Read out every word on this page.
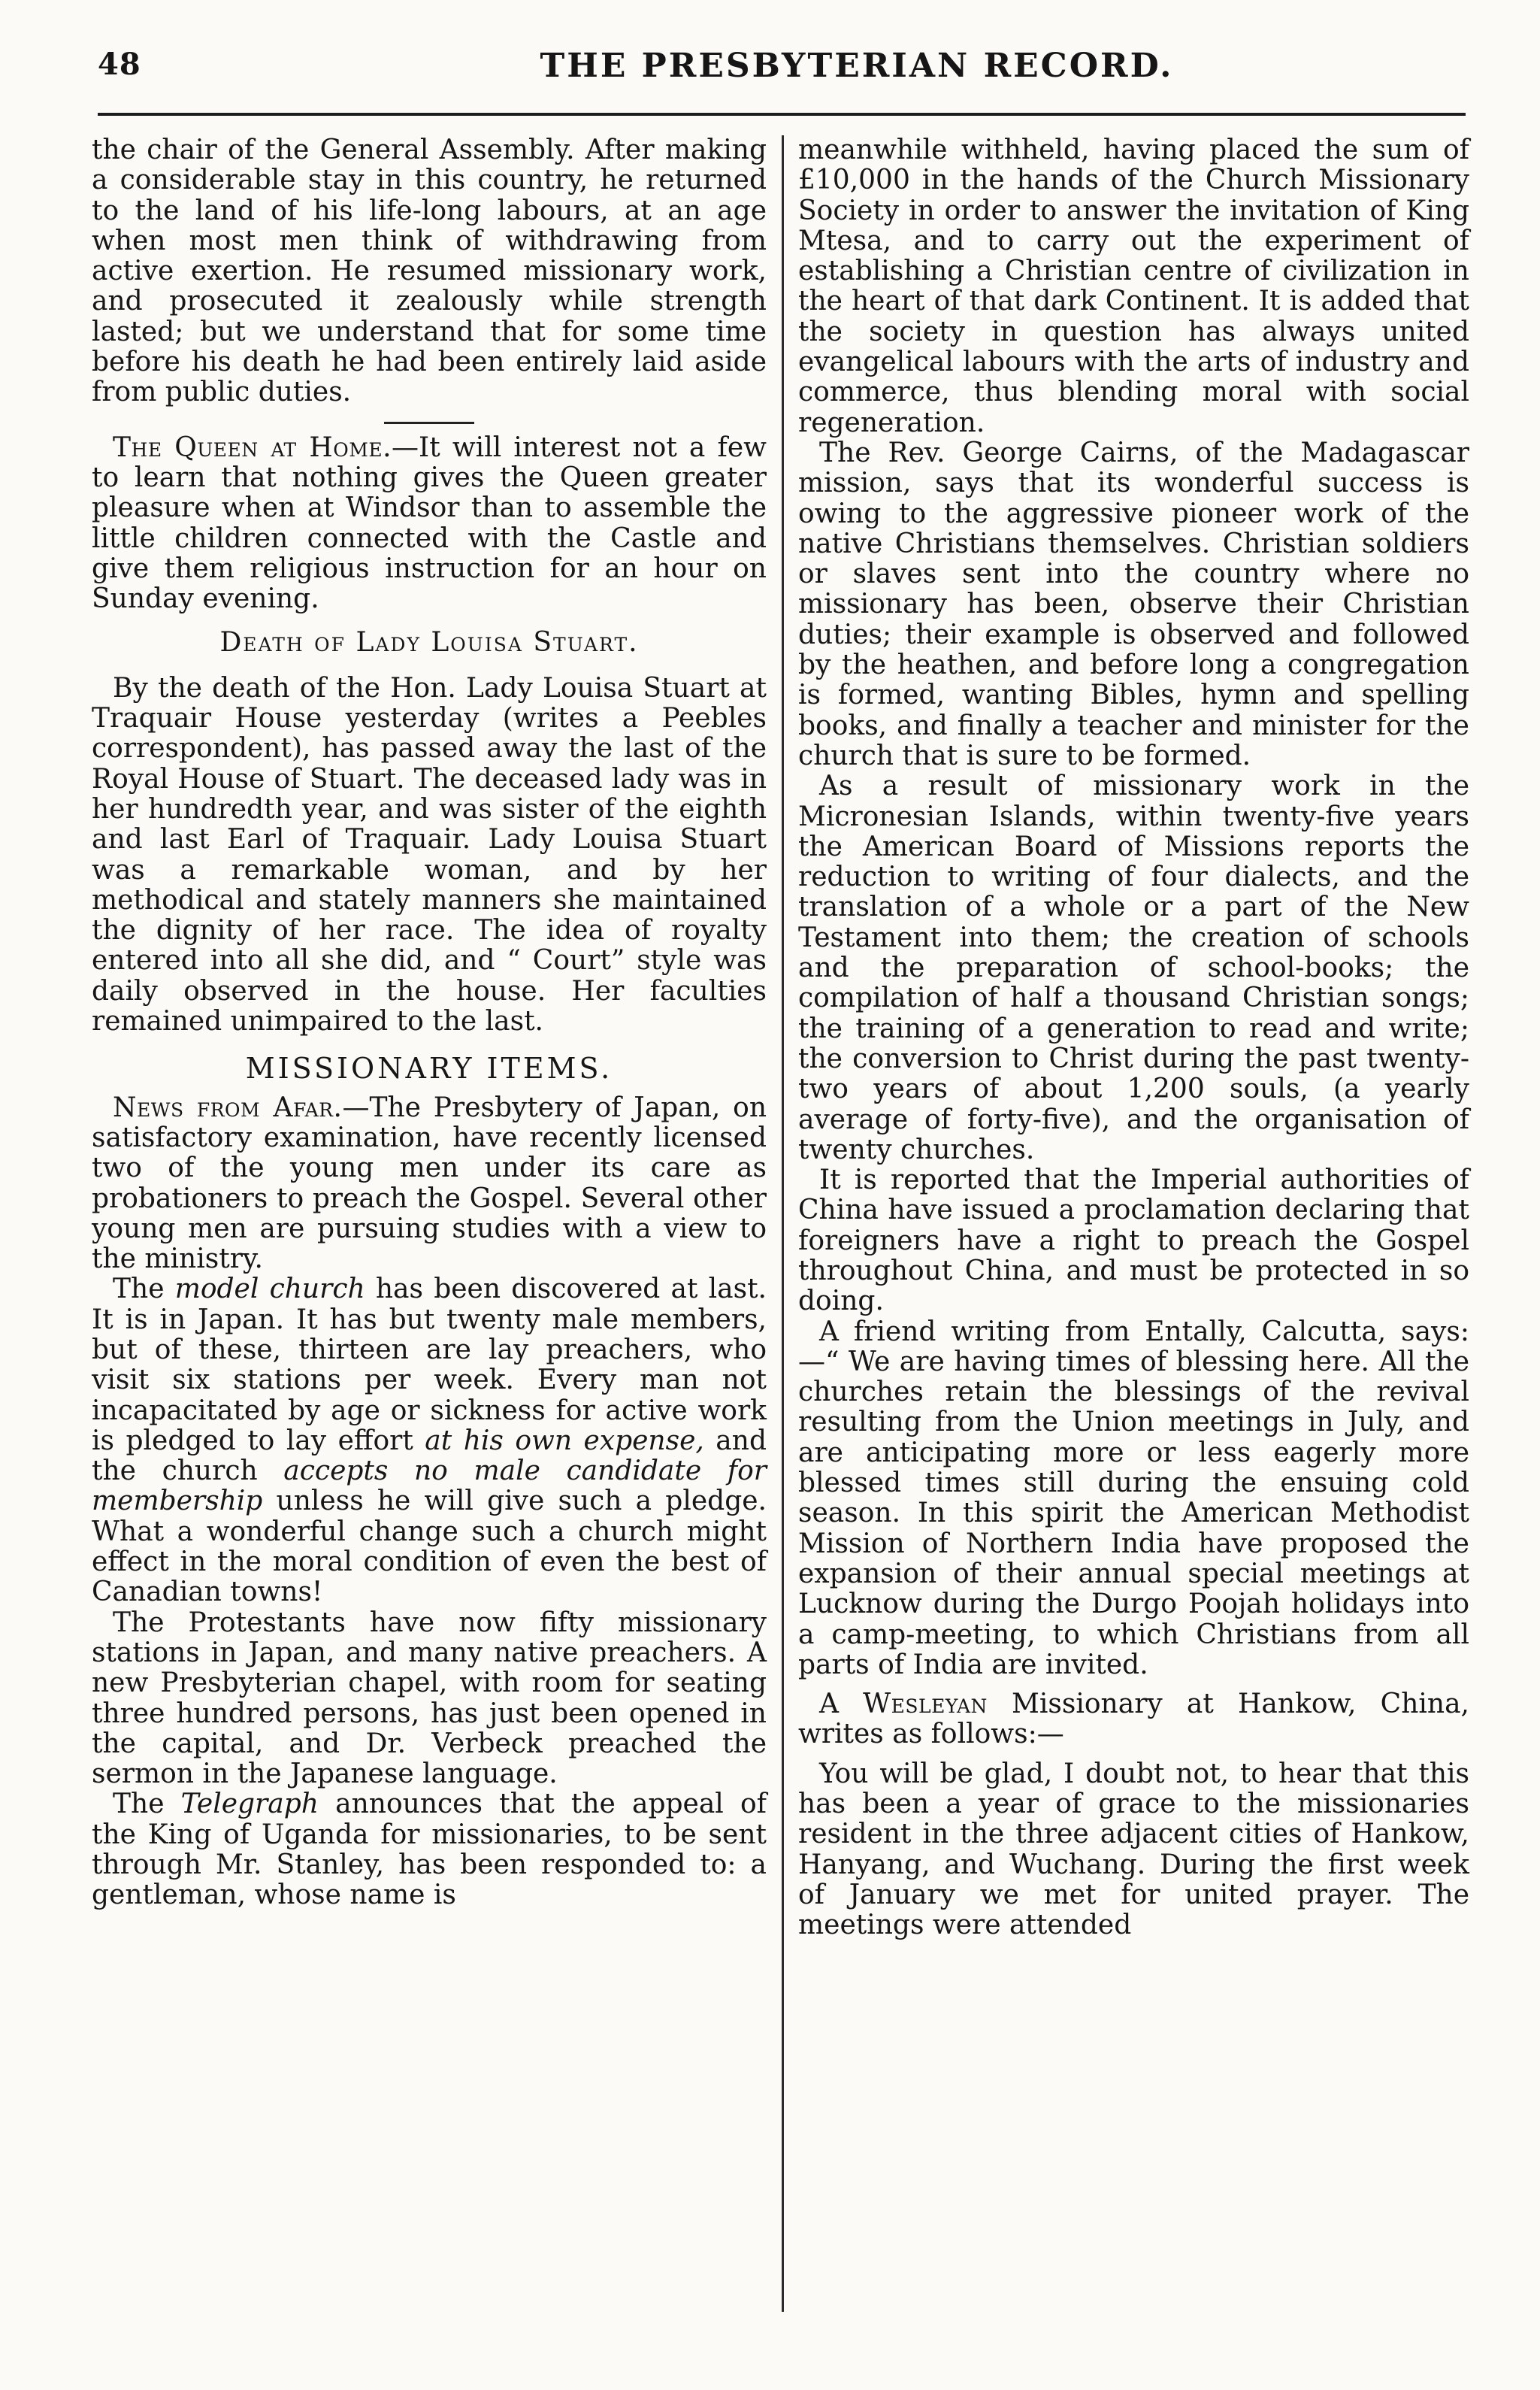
48	THE PRESBYTERIAN RECORD.

the chair of the General Assembly. After making a considerable stay in this country, he returned to the land of his life-long labours, at an age when most men think of withdrawing from active exertion. He resumed missionary work, and prosecuted it zealously while strength lasted; but we understand that for some time before his death he had been entirely laid aside from public duties.

The Queen at Home.—It will interest not a few to learn that nothing gives the Queen greater pleasure when at Windsor than to assemble the little children connected with the Castle and give them religious instruction for an hour on Sunday evening.

Death of Lady Louisa Stuart.

By the death of the Hon. Lady Louisa Stuart at Traquair House yesterday (writes a Peebles correspondent), has passed away the last of the Royal House of Stuart. The deceased lady was in her hundredth year, and was sister of the eighth and last Earl of Traquair. Lady Louisa Stuart was a remarkable woman, and by her methodical and stately manners she maintained the dignity of her race. The idea of royalty entered into all she did, and “ Court” style was daily observed in the house. Her faculties remained unimpaired to the last.

MISSIONARY ITEMS.

News from Afar.—The Presbytery of Japan, on satisfactory examination, have recently licensed two of the young men under its care as probationers to preach the Gospel. Several other young men are pursuing studies with a view to the ministry.

The model church has been discovered at last. It is in Japan. It has but twenty male members, but of these, thirteen are lay preachers, who visit six stations per week. Every man not incapacitated by age or sickness for active work is pledged to lay effort at his own expense, and the church accepts no male candidate for membership unless he will give such a pledge. What a wonderful change such a church might effect in the moral condition of even the best of Canadian towns!

The Protestants have now fifty missionary stations in Japan, and many native preachers. A new Presbyterian chapel, with room for seating three hundred persons, has just been opened in the capital, and Dr. Verbeck preached the sermon in the Japanese language.

The Telegraph announces that the appeal of the King of Uganda for missionaries, to be sent through Mr. Stanley, has been responded to: a gentleman, whose name is

meanwhile withheld, having placed the sum of £10,000 in the hands of the Church Missionary Society in order to answer the invitation of King Mtesa, and to carry out the experiment of establishing a Christian centre of civilization in the heart of that dark Continent. It is added that the society in question has always united evangelical labours with the arts of industry and commerce, thus blending moral with social regeneration.

The Rev. George Cairns, of the Madagascar mission, says that its wonderful success is owing to the aggressive pioneer work of the native Christians themselves. Christian soldiers or slaves sent into the country where no missionary has been, observe their Christian duties; their example is observed and followed by the heathen, and before long a congregation is formed, wanting Bibles, hymn and spelling books, and finally a teacher and minister for the church that is sure to be formed.

As a result of missionary work in the Micronesian Islands, within twenty-five years the American Board of Missions reports the reduction to writing of four dialects, and the translation of a whole or a part of the New Testament into them; the creation of schools and the preparation of school-books; the compilation of half a thousand Christian songs; the training of a generation to read and write; the conversion to Christ during the past twenty-two years of about 1,200 souls, (a yearly average of forty-five), and the organisation of twenty churches.

It is reported that the Imperial authorities of China have issued a proclamation declaring that foreigners have a right to preach the Gospel throughout China, and must be protected in so doing.

A friend writing from Entally, Calcutta, says:—“ We are having times of blessing here. All the churches retain the blessings of the revival resulting from the Union meetings in July, and are anticipating more or less eagerly more blessed times still during the ensuing cold season. In this spirit the American Methodist Mission of Northern India have proposed the expansion of their annual special meetings at Lucknow during the Durgo Poojah holidays into a camp-meeting, to which Christians from all parts of India are invited.

A Wesleyan Missionary at Hankow, China, writes as follows:—

You will be glad, I doubt not, to hear that this has been a year of grace to the missionaries resident in the three adjacent cities of Hankow, Hanyang, and Wuchang. During the first week of January we met for united prayer. The meetings were attended
